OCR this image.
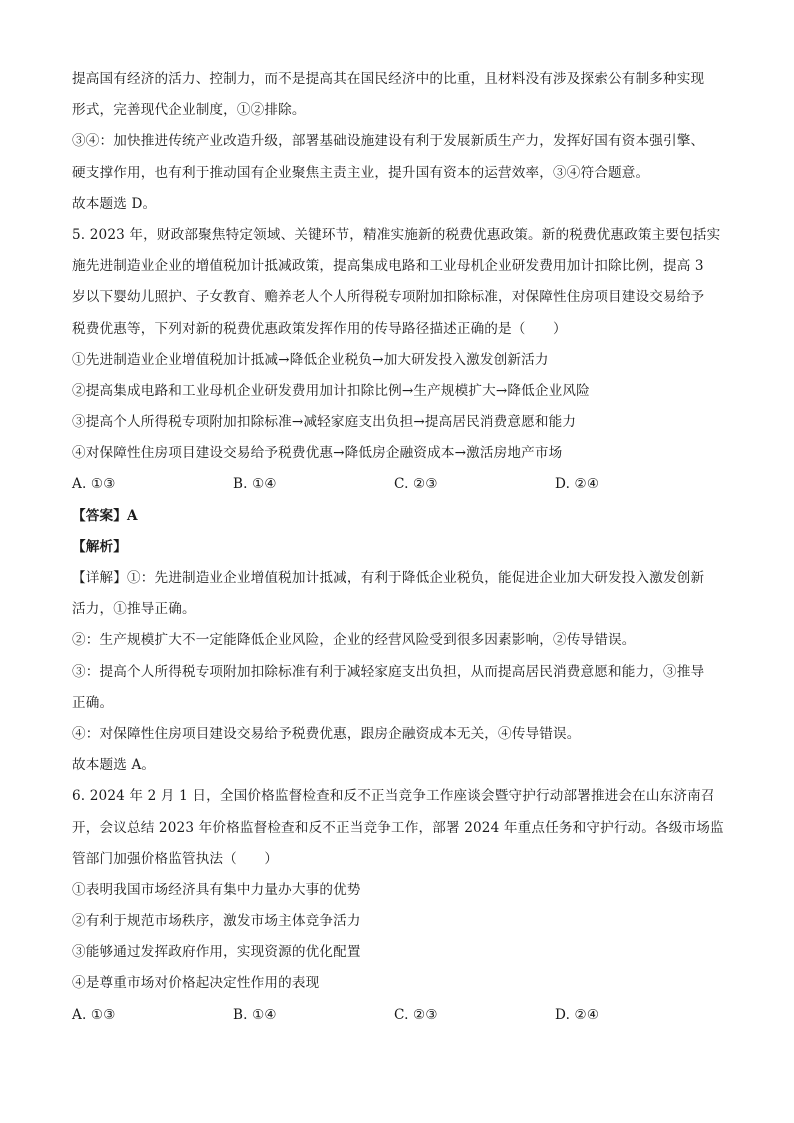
提高国有经济的活力、控制力，而不是提高其在国民经济中的比重，且材料没有涉及探索公有制多种实现
形式，完善现代企业制度，①②排除。
③④：加快推进传统产业改造升级，部署基础设施建设有利于发展新质生产力，发挥好国有资本强引擎、
硬支撑作用，也有利于推动国有企业聚焦主责主业，提升国有资本的运营效率，③④符合题意。
故本题选 D。
5. 2023 年，财政部聚焦特定领域、关键环节，精准实施新的税费优惠政策。新的税费优惠政策主要包括实
施先进制造业企业的增值税加计抵减政策，提高集成电路和工业母机企业研发费用加计扣除比例，提高 3
岁以下婴幼儿照护、子女教育、赡养老人个人所得税专项附加扣除标准，对保障性住房项目建设交易给予
税费优惠等，下列对新的税费优惠政策发挥作用的传导路径描述正确的是（　　）
①先进制造业企业增值税加计抵减→降低企业税负→加大研发投入激发创新活力
②提高集成电路和工业母机企业研发费用加计扣除比例→生产规模扩大→降低企业风险
③提高个人所得税专项附加扣除标准→减轻家庭支出负担→提高居民消费意愿和能力
④对保障性住房项目建设交易给予税费优惠→降低房企融资成本→激活房地产市场
A. ①③	B. ①④	C. ②③	D. ②④
【答案】A
【解析】
【详解】①：先进制造业企业增值税加计抵减，有利于降低企业税负，能促进企业加大研发投入激发创新
活力，①推导正确。
②：生产规模扩大不一定能降低企业风险，企业的经营风险受到很多因素影响，②传导错误。
③：提高个人所得税专项附加扣除标准有利于减轻家庭支出负担，从而提高居民消费意愿和能力，③推导
正确。
④：对保障性住房项目建设交易给予税费优惠，跟房企融资成本无关，④传导错误。
故本题选 A。
6. 2024 年 2 月 1 日，全国价格监督检查和反不正当竞争工作座谈会暨守护行动部署推进会在山东济南召
开，会议总结 2023 年价格监督检查和反不正当竞争工作，部署 2024 年重点任务和守护行动。各级市场监
管部门加强价格监管执法（　　）
①表明我国市场经济具有集中力量办大事的优势
②有利于规范市场秩序，激发市场主体竞争活力
③能够通过发挥政府作用，实现资源的优化配置
④是尊重市场对价格起决定性作用的表现
A. ①③	B. ①④	C. ②③	D. ②④
